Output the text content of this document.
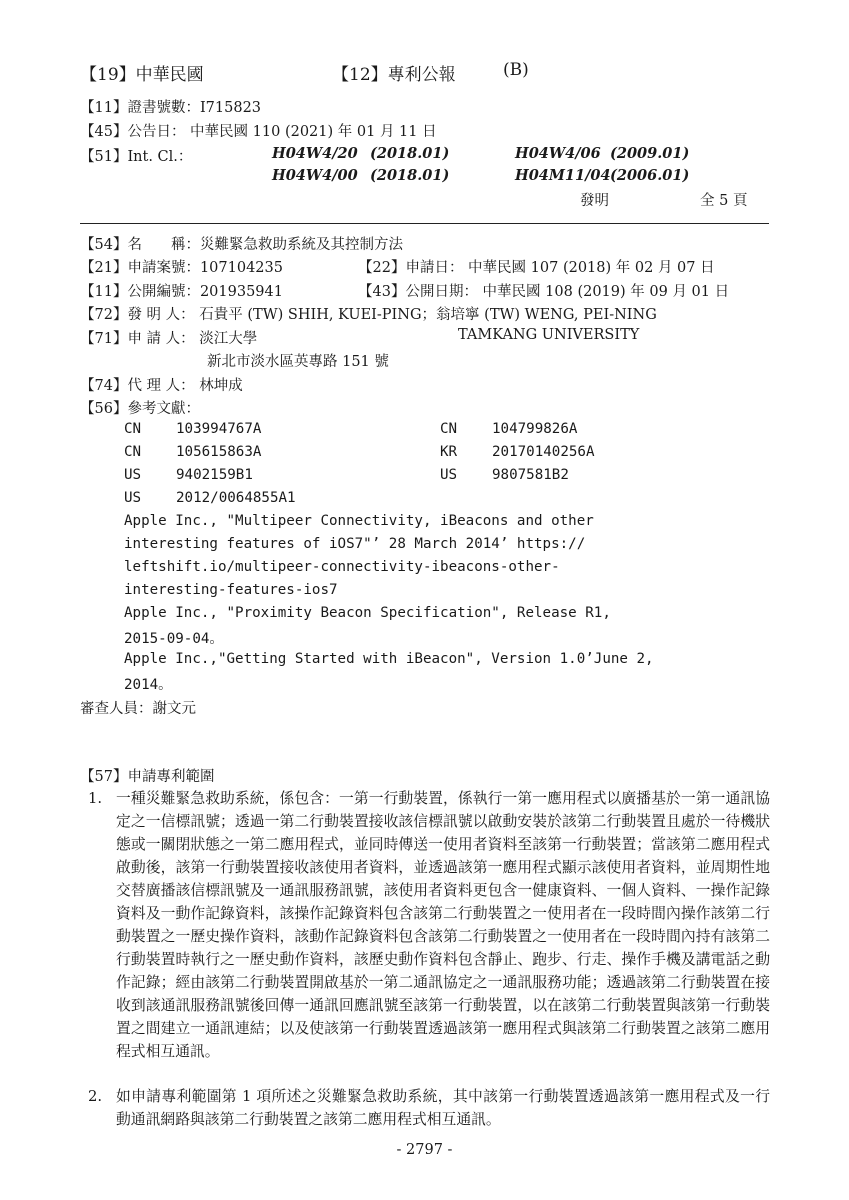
【19】中華民國	【12】專利公報	(B)
【11】證書號數：I715823
【45】公告日： 中華民國 110 (2021) 年 01 月 11 日
【51】Int. Cl.：	H04W4/20 (2018.01)	H04W4/06 (2009.01)
H04W4/00 (2018.01)	H04M11/04 (2006.01)
發明	全 5 頁
【54】名　　稱：災難緊急救助系統及其控制方法
【21】申請案號：107104235	【22】申請日： 中華民國 107 (2018) 年 02 月 07 日
【11】公開編號：201935941	【43】公開日期： 中華民國 108 (2019) 年 09 月 01 日
【72】發 明 人： 石貴平 (TW) SHIH, KUEI-PING；翁培寧 (TW) WENG, PEI-NING
【71】申 請 人： 淡江大學	TAMKANG UNIVERSITY
新北市淡水區英專路 151 號
【74】代 理 人： 林坤成
【56】參考文獻：
CN 103994767A	CN 104799826A
CN 105615863A	KR 20170140256A
US 9402159B1	US 9807581B2
US 2012/0064855A1
Apple Inc., "Multipeer Connectivity, iBeacons and other
interesting features of iOS7"’ 28 March 2014’ https://
leftshift.io/multipeer-connectivity-ibeacons-other-
interesting-features-ios7
Apple Inc., "Proximity Beacon Specification", Release R1,
2015-09-04。
Apple Inc.,"Getting Started with iBeacon", Version 1.0’June 2,
2014。
審查人員：謝文元
【57】申請專利範圍
1. 一種災難緊急救助系統，係包含：一第一行動裝置，係執行一第一應用程式以廣播基於一第一通訊協定之一信標訊號；透過一第二行動裝置接收該信標訊號以啟動安裝於該第二行動裝置且處於一待機狀態或一關閉狀態之一第二應用程式，並同時傳送一使用者資料至該第一行動裝置；當該第二應用程式啟動後，該第一行動裝置接收該使用者資料，並透過該第一應用程式顯示該使用者資料，並周期性地交替廣播該信標訊號及一通訊服務訊號，該使用者資料更包含一健康資料、一個人資料、一操作記錄資料及一動作記錄資料，該操作記錄資料包含該第二行動裝置之一使用者在一段時間內操作該第二行動裝置之一歷史操作資料，該動作記錄資料包含該第二行動裝置之一使用者在一段時間內持有該第二行動裝置時執行之一歷史動作資料，該歷史動作資料包含靜止、跑步、行走、操作手機及講電話之動作記錄；經由該第二行動裝置開啟基於一第二通訊協定之一通訊服務功能；透過該第二行動裝置在接收到該通訊服務訊號後回傳一通訊回應訊號至該第一行動裝置，以在該第二行動裝置與該第一行動裝置之間建立一通訊連結；以及使該第一行動裝置透過該第一應用程式與該第二行動裝置之該第二應用程式相互通訊。
2. 如申請專利範圍第 1 項所述之災難緊急救助系統，其中該第一行動裝置透過該第一應用程式及一行動通訊網路與該第二行動裝置之該第二應用程式相互通訊。
- 2797 -
